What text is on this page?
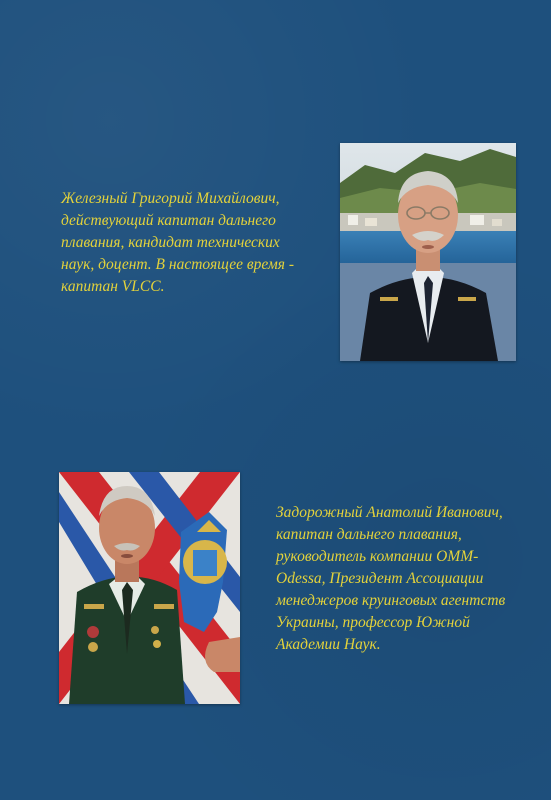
Железный Григорий Михайлович,
действующий капитан дальнего
плавания, кандидат технических
наук, доцент. В настоящее время -
капитан VLCC.

Задорожный Анатолий Иванович,
капитан дальнего плавания,
руководитель компании ОММ-
Odessa, Президент Ассоциации
менеджеров круинговых агентств
Украины, профессор Южной
Академии Наук.
